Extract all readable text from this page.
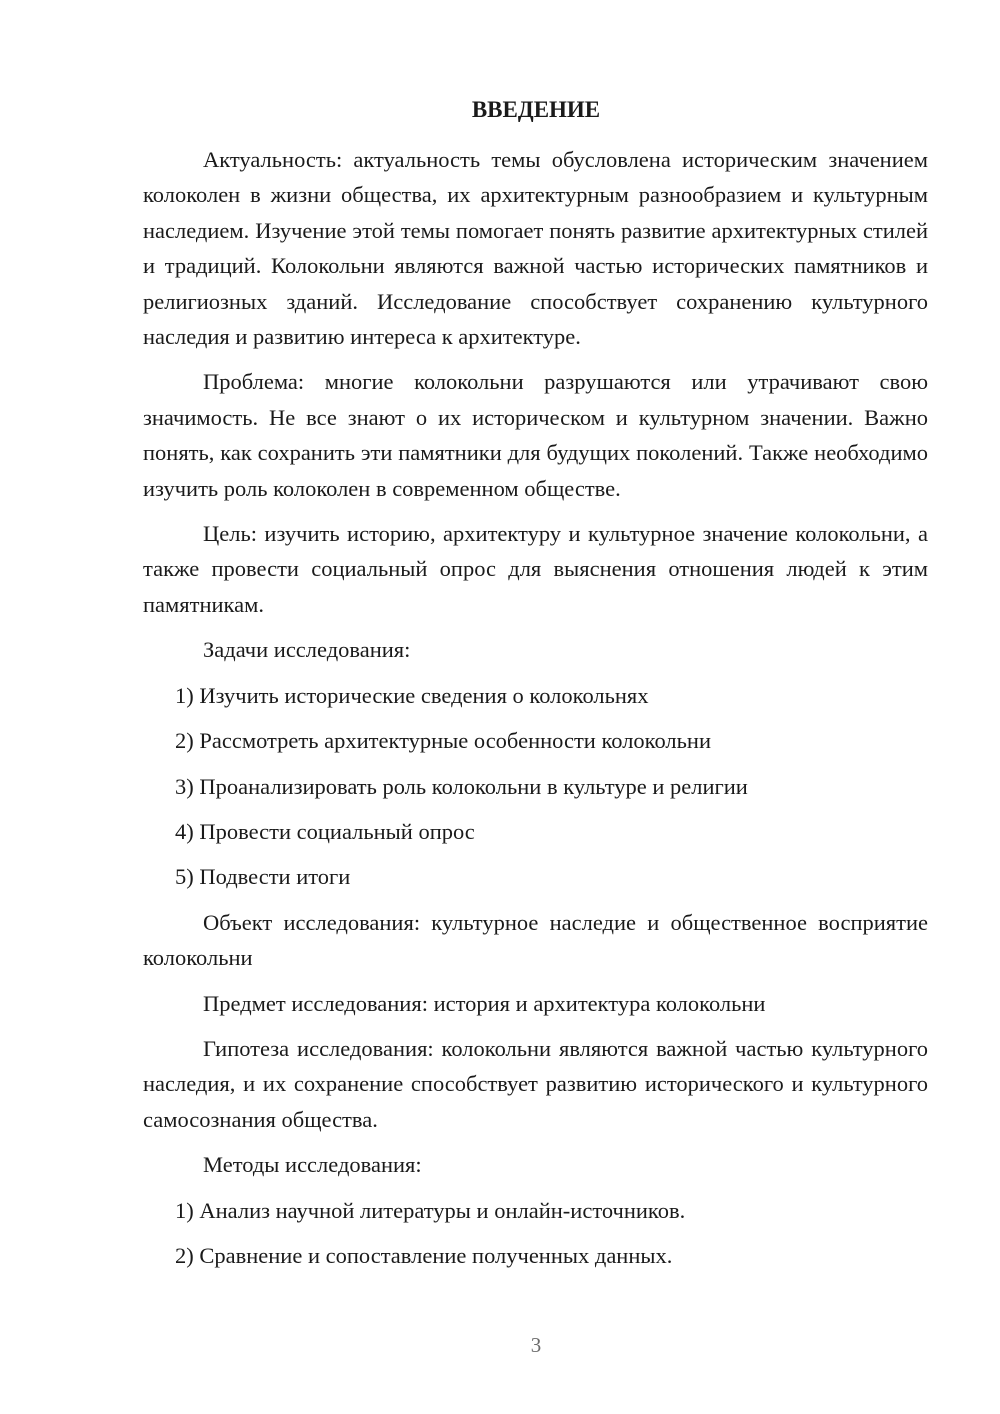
ВВЕДЕНИЕ

Актуальность: актуальность темы обусловлена историческим значением колоколен в жизни общества, их архитектурным разнообразием и культурным наследием. Изучение этой темы помогает понять развитие архитектурных стилей и традиций. Колокольни являются важной частью исторических памятников и религиозных зданий. Исследование способствует сохранению культурного наследия и развитию интереса к архитектуре.

Проблема: многие колокольни разрушаются или утрачивают свою значимость. Не все знают о их историческом и культурном значении. Важно понять, как сохранить эти памятники для будущих поколений. Также необходимо изучить роль колоколен в современном обществе.

Цель: изучить историю, архитектуру и культурное значение колокольни, а также провести социальный опрос для выяснения отношения людей к этим памятникам.

Задачи исследования:

1) Изучить исторические сведения о колокольнях

2) Рассмотреть архитектурные особенности колокольни

3) Проанализировать роль колокольни в культуре и религии

4) Провести социальный опрос

5) Подвести итоги

Объект исследования: культурное наследие и общественное восприятие колокольни

Предмет исследования: история и архитектура колокольни

Гипотеза исследования: колокольни являются важной частью культурного наследия, и их сохранение способствует развитию исторического и культурного самосознания общества.

Методы исследования:

1) Анализ научной литературы и онлайн-источников.

2) Сравнение и сопоставление полученных данных.

3
